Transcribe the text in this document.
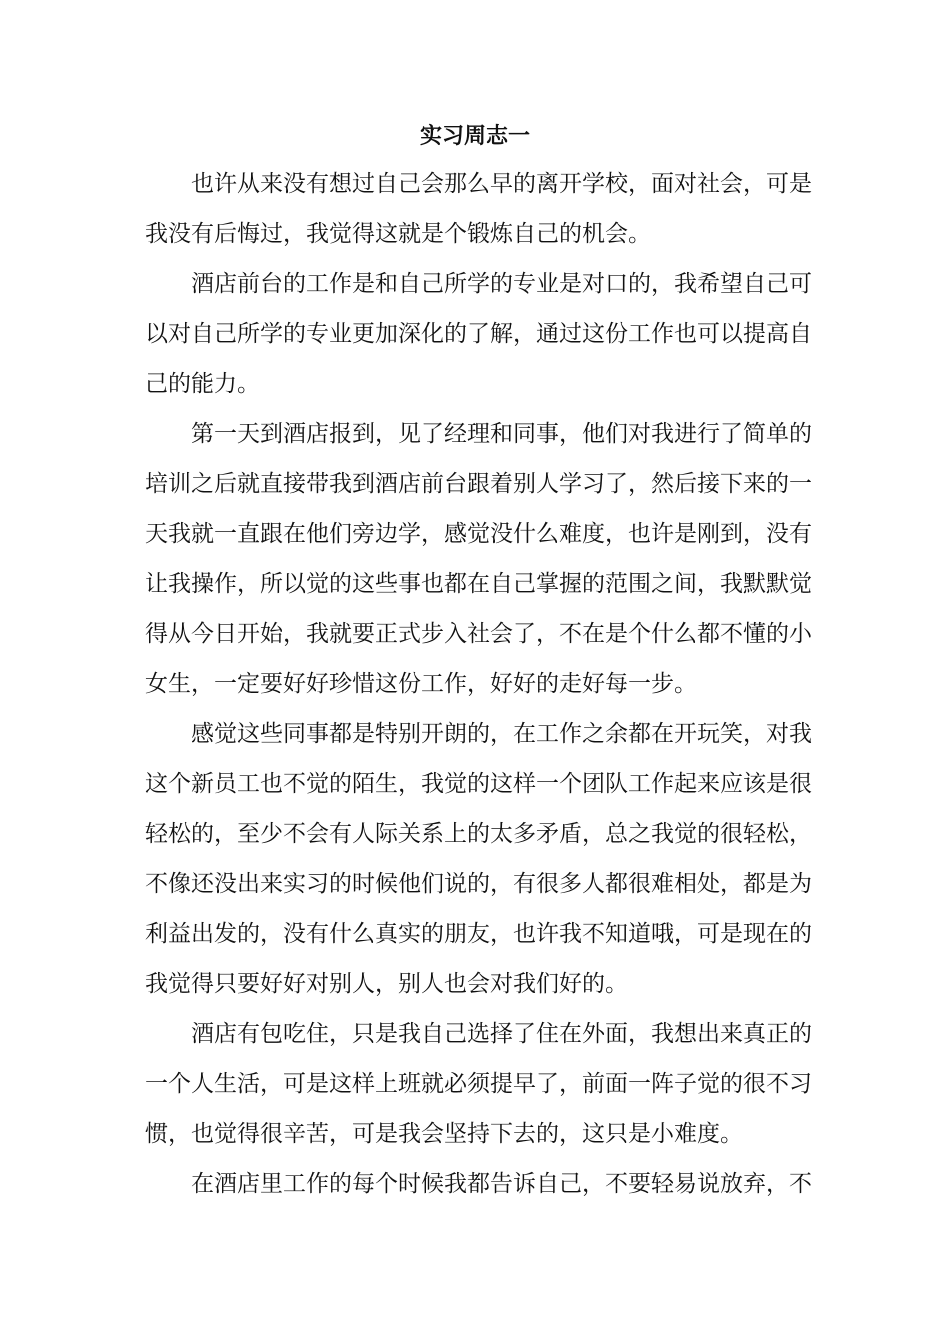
实习周志一

也许从来没有想过自己会那么早的离开学校，面对社会，可是
我没有后悔过，我觉得这就是个锻炼自己的机会。

酒店前台的工作是和自己所学的专业是对口的，我希望自己可
以对自己所学的专业更加深化的了解，通过这份工作也可以提高自
己的能力。

第一天到酒店报到，见了经理和同事，他们对我进行了简单的
培训之后就直接带我到酒店前台跟着别人学习了，然后接下来的一
天我就一直跟在他们旁边学，感觉没什么难度，也许是刚到，没有
让我操作，所以觉的这些事也都在自己掌握的范围之间，我默默觉
得从今日开始，我就要正式步入社会了，不在是个什么都不懂的小
女生，一定要好好珍惜这份工作，好好的走好每一步。

感觉这些同事都是特别开朗的，在工作之余都在开玩笑，对我
这个新员工也不觉的陌生，我觉的这样一个团队工作起来应该是很
轻松的，至少不会有人际关系上的太多矛盾，总之我觉的很轻松，
不像还没出来实习的时候他们说的，有很多人都很难相处，都是为
利益出发的，没有什么真实的朋友，也许我不知道哦，可是现在的
我觉得只要好好对别人，别人也会对我们好的。

酒店有包吃住，只是我自己选择了住在外面，我想出来真正的
一个人生活，可是这样上班就必须提早了，前面一阵子觉的很不习
惯，也觉得很辛苦，可是我会坚持下去的，这只是小难度。

在酒店里工作的每个时候我都告诉自己，不要轻易说放弃，不
